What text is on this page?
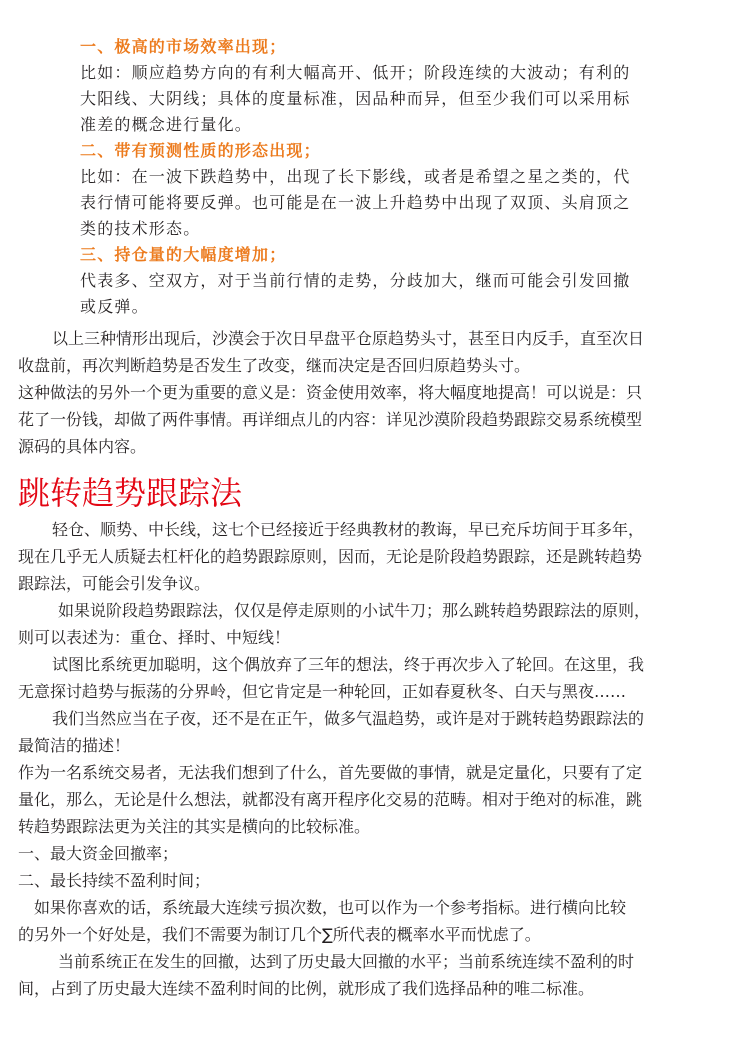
一、极高的市场效率出现；
比如：顺应趋势方向的有利大幅高开、低开；阶段连续的大波动；有利的
大阳线、大阴线；具体的度量标准，因品种而异，但至少我们可以采用标
准差的概念进行量化。
二、带有预测性质的形态出现；
比如：在一波下跌趋势中，出现了长下影线，或者是希望之星之类的，代
表行情可能将要反弹。也可能是在一波上升趋势中出现了双顶、头肩顶之
类的技术形态。
三、持仓量的大幅度增加；
代表多、空双方，对于当前行情的走势，分歧加大，继而可能会引发回撤
或反弹。
以上三种情形出现后，沙漠会于次日早盘平仓原趋势头寸，甚至日内反手，直至次日
收盘前，再次判断趋势是否发生了改变，继而决定是否回归原趋势头寸。
这种做法的另外一个更为重要的意义是：资金使用效率，将大幅度地提高！可以说是：只
花了一份钱，却做了两件事情。再详细点儿的内容：详见沙漠阶段趋势跟踪交易系统模型
源码的具体内容。
跳转趋势跟踪法
轻仓、顺势、中长线，这七个已经接近于经典教材的教诲，早已充斥坊间于耳多年，
现在几乎无人质疑去杠杆化的趋势跟踪原则，因而，无论是阶段趋势跟踪，还是跳转趋势
跟踪法，可能会引发争议。
如果说阶段趋势跟踪法，仅仅是停走原则的小试牛刀；那么跳转趋势跟踪法的原则，
则可以表述为：重仓、择时、中短线！
试图比系统更加聪明，这个偶放弃了三年的想法，终于再次步入了轮回。在这里，我
无意探讨趋势与振荡的分界岭，但它肯定是一种轮回，正如春夏秋冬、白天与黑夜……
我们当然应当在子夜，还不是在正午，做多气温趋势，或许是对于跳转趋势跟踪法的
最简洁的描述！
作为一名系统交易者，无法我们想到了什么，首先要做的事情，就是定量化，只要有了定
量化，那么，无论是什么想法，就都没有离开程序化交易的范畴。相对于绝对的标准，跳
转趋势跟踪法更为关注的其实是横向的比较标准。
一、最大资金回撤率；
二、最长持续不盈利时间；
如果你喜欢的话，系统最大连续亏损次数，也可以作为一个参考指标。进行横向比较
的另外一个好处是，我们不需要为制订几个∑所代表的概率水平而忧虑了。
当前系统正在发生的回撤，达到了历史最大回撤的水平；当前系统连续不盈利的时
间，占到了历史最大连续不盈利时间的比例，就形成了我们选择品种的唯二标准。
